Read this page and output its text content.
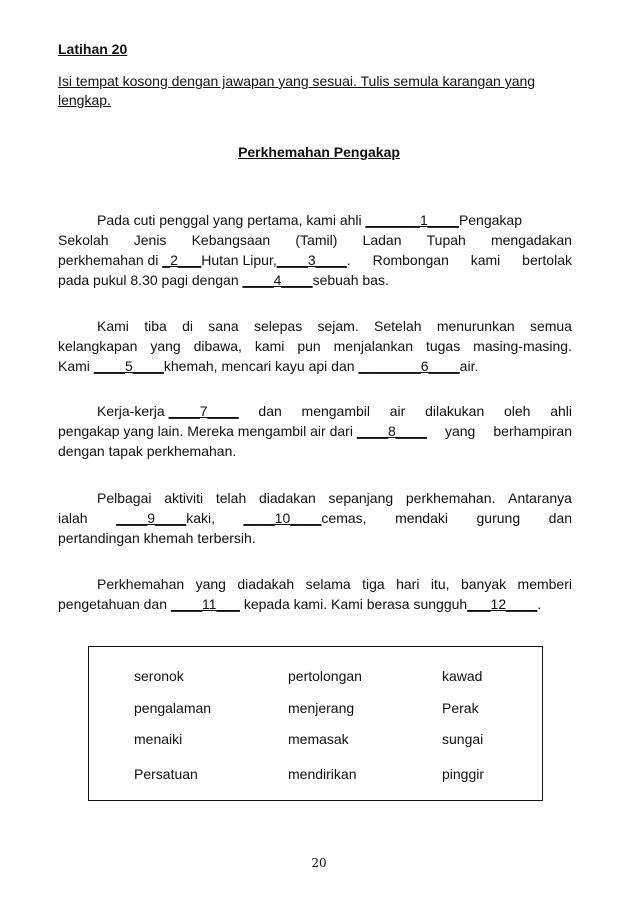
Latihan 20
Isi tempat kosong dengan jawapan yang sesuai. Tulis semula karangan yang lengkap.
Perkhemahan Pengakap
Pada cuti penggal yang pertama, kami ahli _______1____ Pengakap
Sekolah Jenis Kebangsaan (Tamil) Ladan Tupah mengadakan
perkhemahan di _2___Hutan Lipur,____3____. Rombongan kami bertolak
pada pukul 8.30 pagi dengan ____4____ sebuah bas.
Kami tiba di sana selepas sejam. Setelah menurunkan semua
kelangkapan yang dibawa, kami pun menjalankan tugas masing-masing.
Kami ____5____ khemah, mencari kayu api dan ________6____ air.
Kerja-kerja ____7____ dan mengambil air dilakukan oleh ahli
pengakap yang lain. Mereka mengambil air dari ____8____ yang berhampiran
dengan tapak perkhemahan.
Pelbagai aktiviti telah diadakan sepanjang perkhemahan. Antaranya
ialah ____9____kaki, ____10____cemas, mendaki gurung dan
pertandingan khemah terbersih.
Perkhemahan yang diadakah selama tiga hari itu, banyak memberi
pengetahuan dan ____11___ kepada kami. Kami berasa sungguh ___12____ .
seronok	pertolongan	kawad
pengalaman	menjerang	Perak
menaiki	memasak	sungai
Persatuan	mendirikan	pinggir
20
